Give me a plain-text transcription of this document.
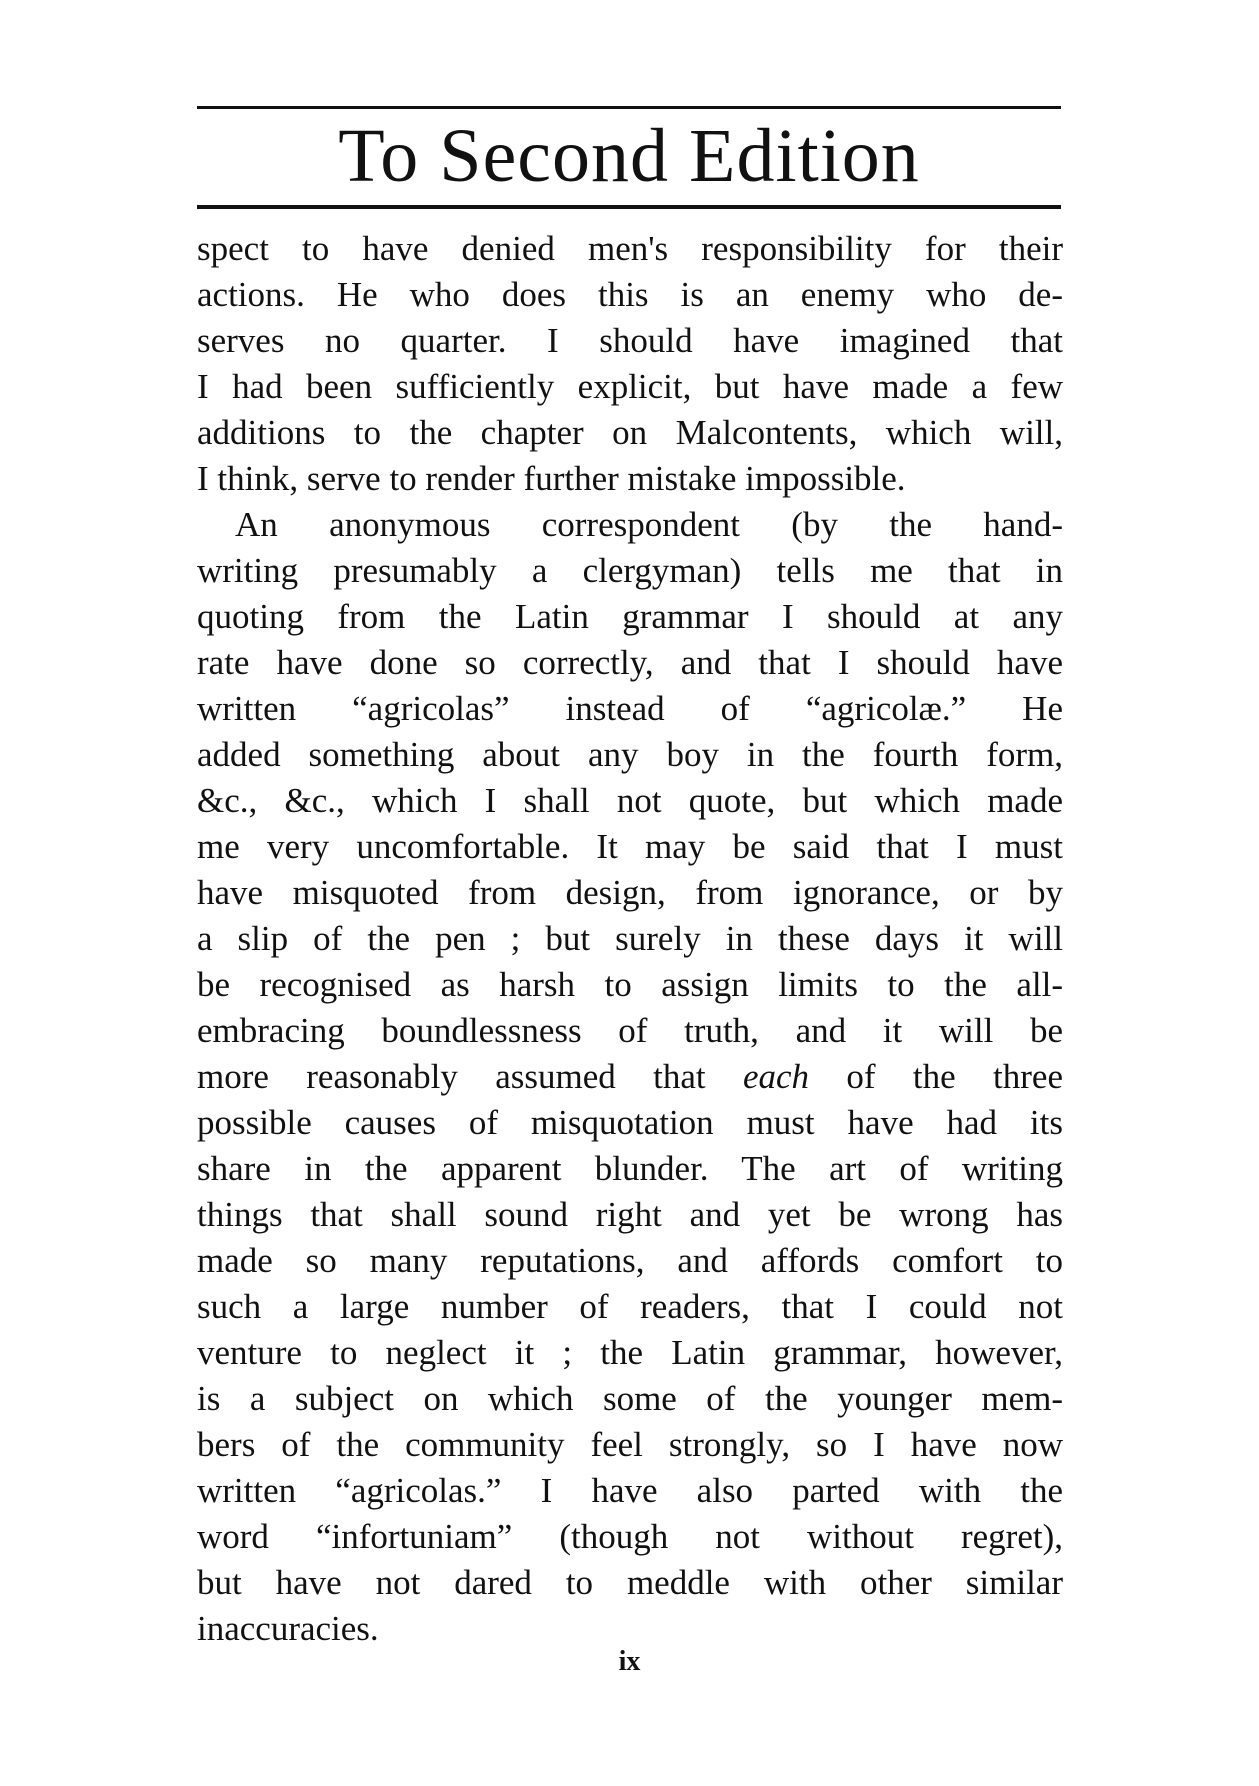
To Second Edition
spect to have denied men's responsibility for their
actions. He who does this is an enemy who de-
serves no quarter. I should have imagined that
I had been sufficiently explicit, but have made a few
additions to the chapter on Malcontents, which will,
I think, serve to render further mistake impossible.
An anonymous correspondent (by the hand-
writing presumably a clergyman) tells me that in
quoting from the Latin grammar I should at any
rate have done so correctly, and that I should have
written “agricolas” instead of “agricolæ.” He
added something about any boy in the fourth form,
&c., &c., which I shall not quote, but which made
me very uncomfortable. It may be said that I must
have misquoted from design, from ignorance, or by
a slip of the pen ; but surely in these days it will
be recognised as harsh to assign limits to the all-
embracing boundlessness of truth, and it will be
more reasonably assumed that each of the three
possible causes of misquotation must have had its
share in the apparent blunder. The art of writing
things that shall sound right and yet be wrong has
made so many reputations, and affords comfort to
such a large number of readers, that I could not
venture to neglect it ; the Latin grammar, however,
is a subject on which some of the younger mem-
bers of the community feel strongly, so I have now
written “agricolas.” I have also parted with the
word “infortuniam” (though not without regret),
but have not dared to meddle with other similar
inaccuracies.
ix
